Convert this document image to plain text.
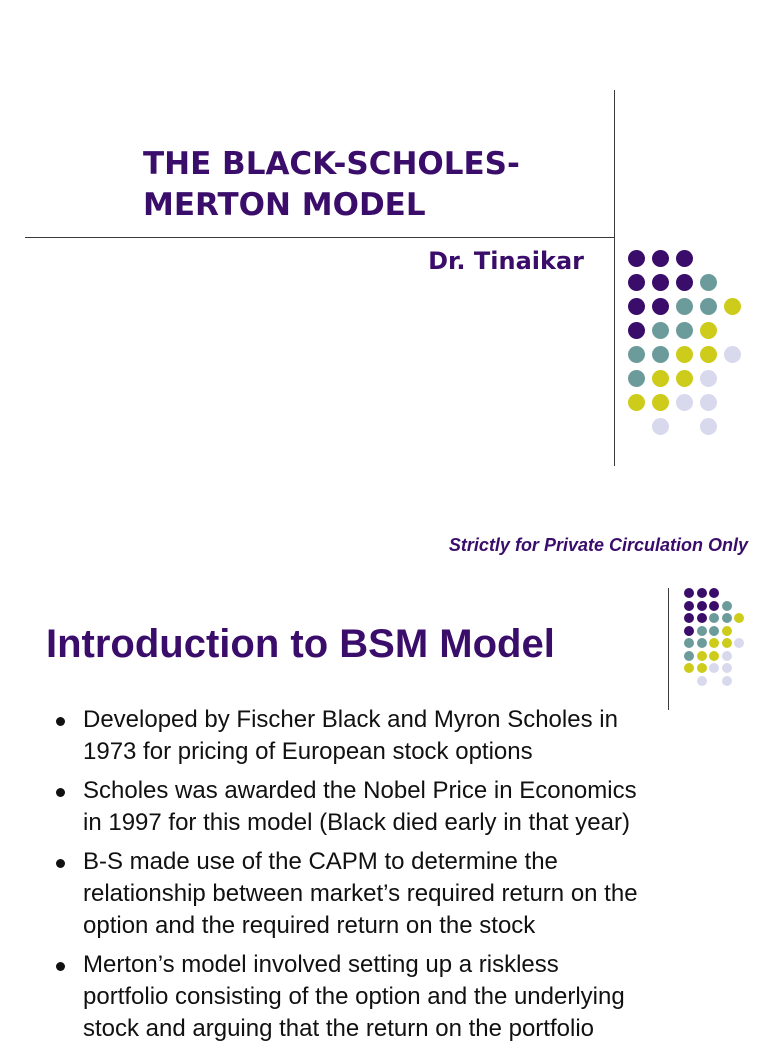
THE BLACK-SCHOLES-
MERTON MODEL

Dr. Tinaikar

Strictly for Private Circulation Only

Introduction to BSM Model
Developed by Fischer Black and Myron Scholes in
1973 for pricing of European stock options
Scholes was awarded the Nobel Price in Economics
in 1997 for this model (Black died early in that year)
B-S made use of the CAPM to determine the
relationship between market’s required return on the
option and the required return on the stock
Merton’s model involved setting up a riskless
portfolio consisting of the option and the underlying
stock and arguing that the return on the portfolio
